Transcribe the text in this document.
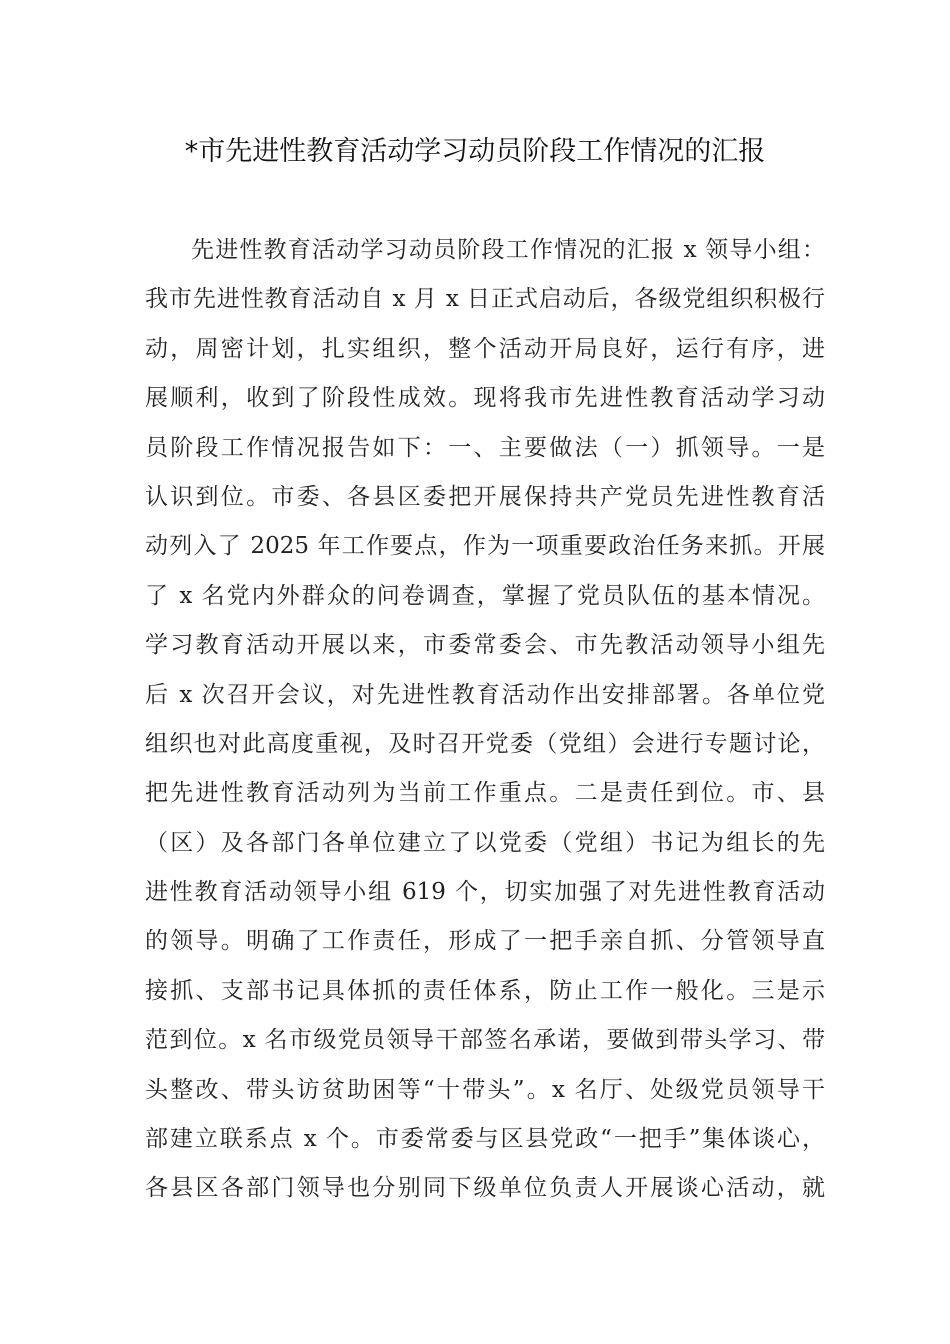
*市先进性教育活动学习动员阶段工作情况的汇报
先进性教育活动学习动员阶段工作情况的汇报 x 领导小组：
我市先进性教育活动自 x 月 x 日正式启动后，各级党组织积极行
动，周密计划，扎实组织，整个活动开局良好，运行有序，进
展顺利，收到了阶段性成效。现将我市先进性教育活动学习动
员阶段工作情况报告如下：一、主要做法（一）抓领导。一是
认识到位。市委、各县区委把开展保持共产党员先进性教育活
动列入了 2025 年工作要点，作为一项重要政治任务来抓。开展
了 x 名党内外群众的问卷调查，掌握了党员队伍的基本情况。
学习教育活动开展以来，市委常委会、市先教活动领导小组先
后 x 次召开会议，对先进性教育活动作出安排部署。各单位党
组织也对此高度重视，及时召开党委（党组）会进行专题讨论，
把先进性教育活动列为当前工作重点。二是责任到位。市、县
（区）及各部门各单位建立了以党委（党组）书记为组长的先
进性教育活动领导小组 619 个，切实加强了对先进性教育活动
的领导。明确了工作责任，形成了一把手亲自抓、分管领导直
接抓、支部书记具体抓的责任体系，防止工作一般化。三是示
范到位。x 名市级党员领导干部签名承诺，要做到带头学习、带
头整改、带头访贫助困等“十带头”。x 名厅、处级党员领导干
部建立联系点 x 个。市委常委与区县党政“一把手”集体谈心，
各县区各部门领导也分别同下级单位负责人开展谈心活动，就
